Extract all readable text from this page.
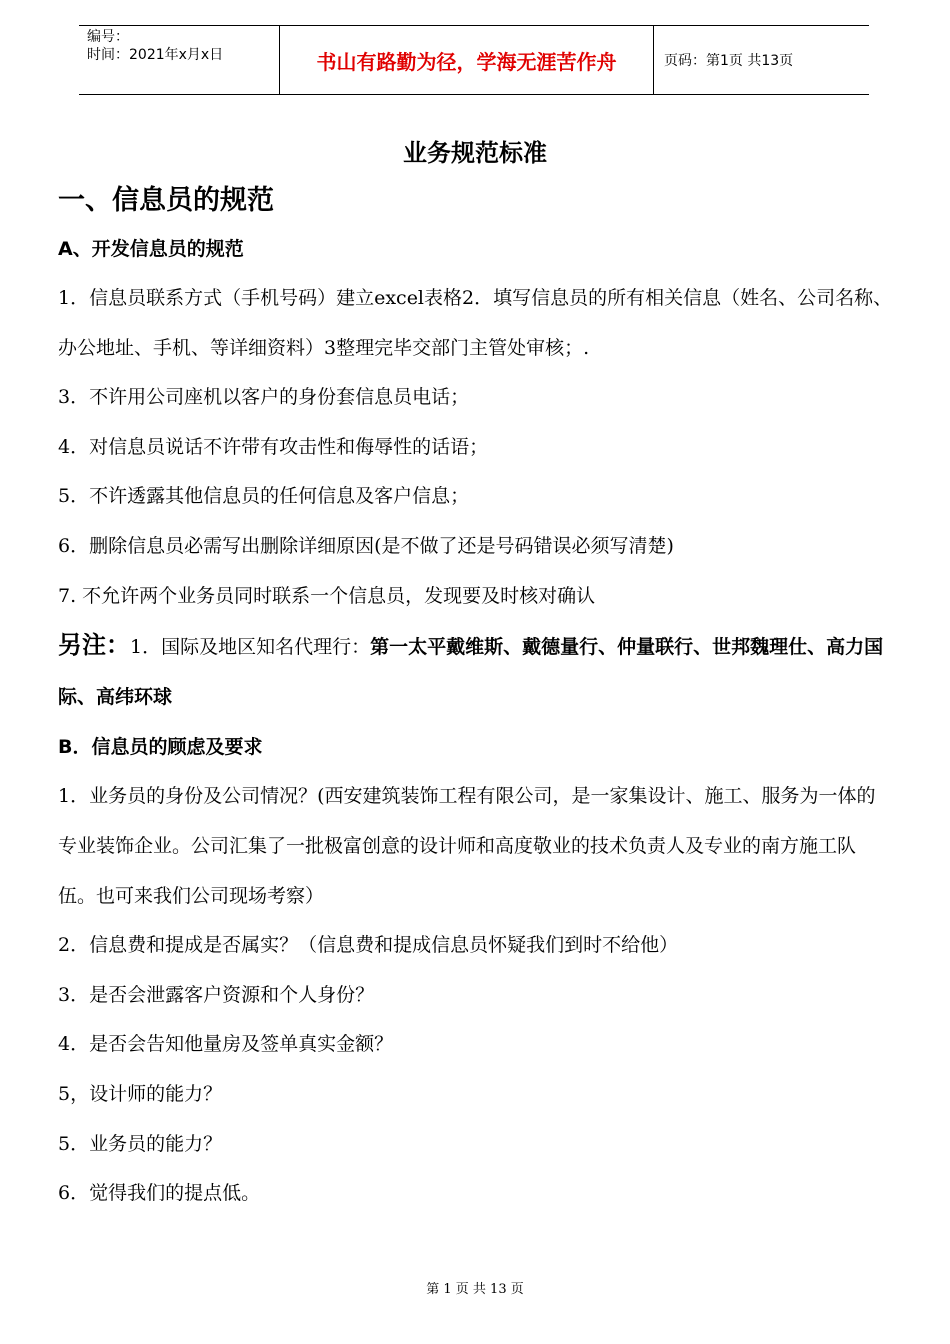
编号：
时间：2021年x月x日	书山有路勤为径，学海无涯苦作舟	页码：第1页 共13页
业务规范标准
一、信息员的规范
A、开发信息员的规范

1．信息员联系方式（手机号码）建立excel表格2．填写信息员的所有相关信息（姓名、公司名称、办公地址、手机、等详细资料）3整理完毕交部门主管处审核；.

3．不许用公司座机以客户的身份套信息员电话；

4．对信息员说话不许带有攻击性和侮辱性的话语；

5．不许透露其他信息员的任何信息及客户信息；

6．删除信息员必需写出删除详细原因(是不做了还是号码错误必须写清楚)

7. 不允许两个业务员同时联系一个信息员，发现要及时核对确认

另注：1．国际及地区知名代理行：第一太平戴维斯、戴德量行、仲量联行、世邦魏理仕、高力国际、高纬环球

B．信息员的顾虑及要求

1．业务员的身份及公司情况？(西安建筑装饰工程有限公司，是一家集设计、施工、服务为一体的专业装饰企业。公司汇集了一批极富创意的设计师和高度敬业的技术负责人及专业的南方施工队伍。也可来我们公司现场考察）

2．信息费和提成是否属实？（信息费和提成信息员怀疑我们到时不给他）

3．是否会泄露客户资源和个人身份？

4．是否会告知他量房及签单真实金额？

5，设计师的能力？

5．业务员的能力？

6．觉得我们的提点低。

第 1 页 共 13 页
